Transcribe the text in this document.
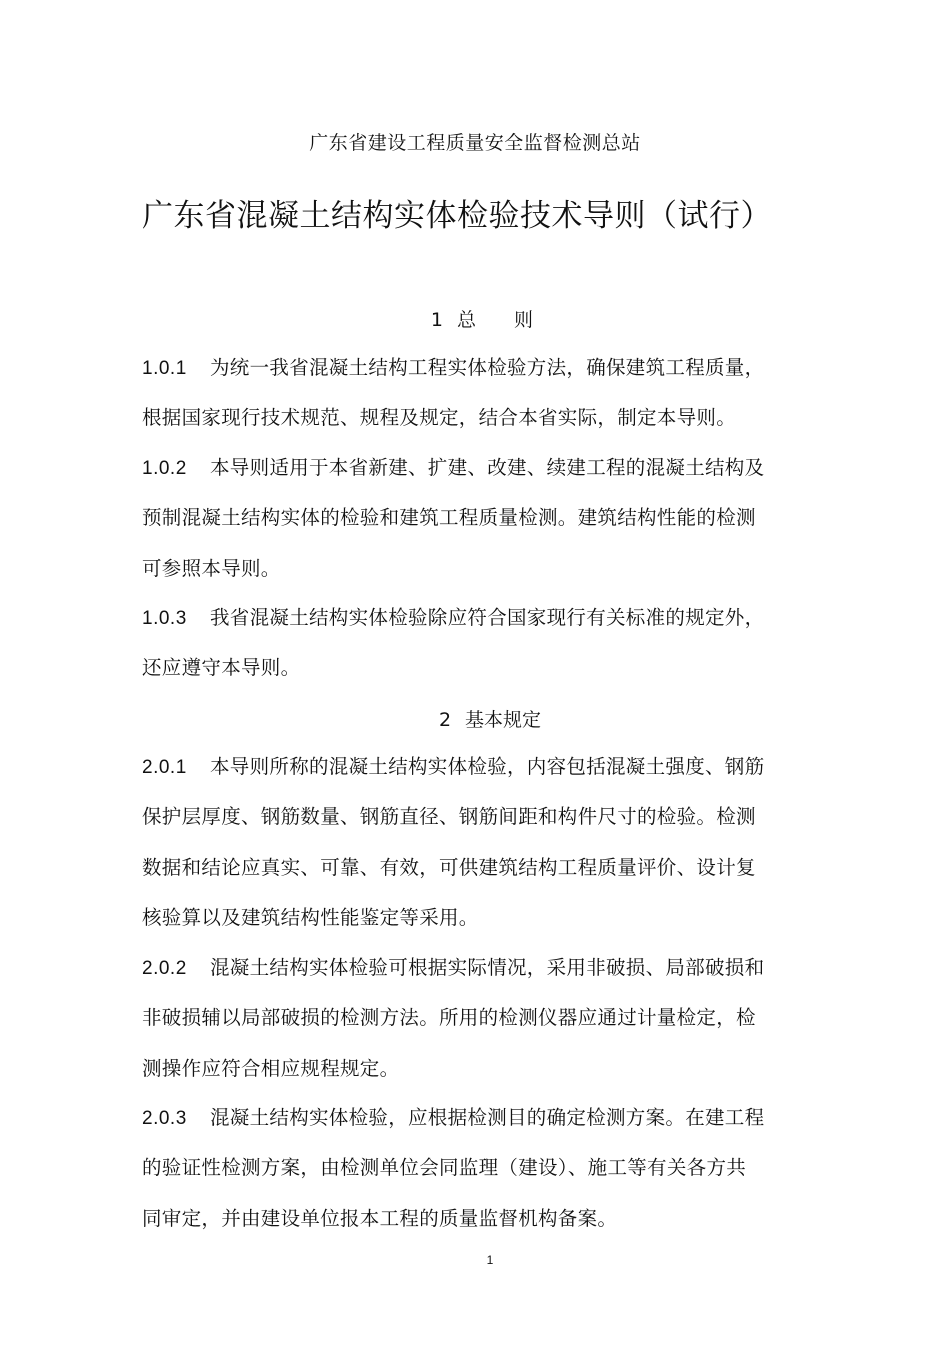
广东省建设工程质量安全监督检测总站
广东省混凝土结构实体检验技术导则（试行）
1 总 则
1.0.1 为统一我省混凝土结构工程实体检验方法，确保建筑工程质量，
根据国家现行技术规范、规程及规定，结合本省实际，制定本导则。
1.0.2 本导则适用于本省新建、扩建、改建、续建工程的混凝土结构及
预制混凝土结构实体的检验和建筑工程质量检测。建筑结构性能的检测
可参照本导则。
1.0.3 我省混凝土结构实体检验除应符合国家现行有关标准的规定外，
还应遵守本导则。
2 基本规定
2.0.1 本导则所称的混凝土结构实体检验，内容包括混凝土强度、钢筋
保护层厚度、钢筋数量、钢筋直径、钢筋间距和构件尺寸的检验。检测
数据和结论应真实、可靠、有效，可供建筑结构工程质量评价、设计复
核验算以及建筑结构性能鉴定等采用。
2.0.2 混凝土结构实体检验可根据实际情况，采用非破损、局部破损和
非破损辅以局部破损的检测方法。所用的检测仪器应通过计量检定，检
测操作应符合相应规程规定。
2.0.3 混凝土结构实体检验，应根据检测目的确定检测方案。在建工程
的验证性检测方案，由检测单位会同监理（建设）、施工等有关各方共
同审定，并由建设单位报本工程的质量监督机构备案。
1
